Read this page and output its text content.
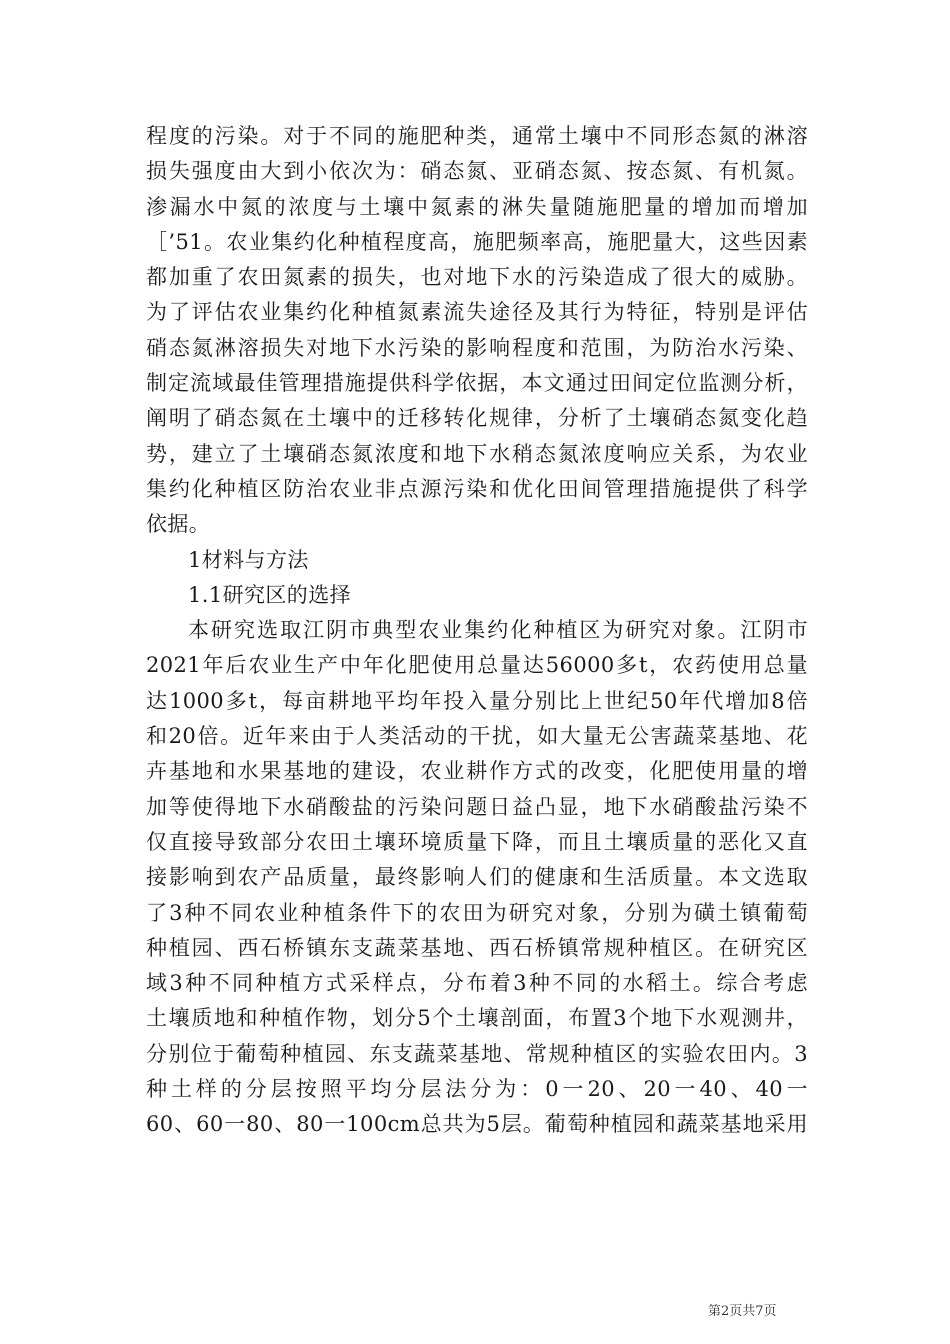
程度的污染。对于不同的施肥种类，通常土壤中不同形态氮的淋溶
损失强度由大到小依次为：硝态氮、亚硝态氮、按态氮、有机氮。
渗漏水中氮的浓度与土壤中氮素的淋失量随施肥量的增加而增加
［’51。农业集约化种植程度高，施肥频率高，施肥量大，这些因素
都加重了农田氮素的损失，也对地下水的污染造成了很大的威胁。
为了评估农业集约化种植氮素流失途径及其行为特征，特别是评估
硝态氮淋溶损失对地下水污染的影响程度和范围，为防治水污染、
制定流域最佳管理措施提供科学依据，本文通过田间定位监测分析，
阐明了硝态氮在土壤中的迁移转化规律，分析了土壤硝态氮变化趋
势，建立了土壤硝态氮浓度和地下水稍态氮浓度响应关系，为农业
集约化种植区防治农业非点源污染和优化田间管理措施提供了科学
依据。
1材料与方法
1.1研究区的选择
本研究选取江阴市典型农业集约化种植区为研究对象。江阴市
2021年后农业生产中年化肥使用总量达56000多t，农药使用总量
达1000多t，每亩耕地平均年投入量分别比上世纪50年代增加8倍
和20倍。近年来由于人类活动的干扰，如大量无公害蔬菜基地、花
卉基地和水果基地的建设，农业耕作方式的改变，化肥使用量的增
加等使得地下水硝酸盐的污染问题日益凸显，地下水硝酸盐污染不
仅直接导致部分农田土壤环境质量下降，而且土壤质量的恶化又直
接影响到农产品质量，最终影响人们的健康和生活质量。本文选取
了3种不同农业种植条件下的农田为研究对象，分别为磺土镇葡萄
种植园、西石桥镇东支蔬菜基地、西石桥镇常规种植区。在研究区
域3种不同种植方式采样点，分布着3种不同的水稻土。综合考虑
土壤质地和种植作物，划分5个土壤剖面，布置3个地下水观测井，
分别位于葡萄种植园、东支蔬菜基地、常规种植区的实验农田内。3
种土样的分层按照平均分层法分为：0一20、20一40、40一
60、60一80、80一100cm总共为5层。葡萄种植园和蔬菜基地采用
第2页共7页
